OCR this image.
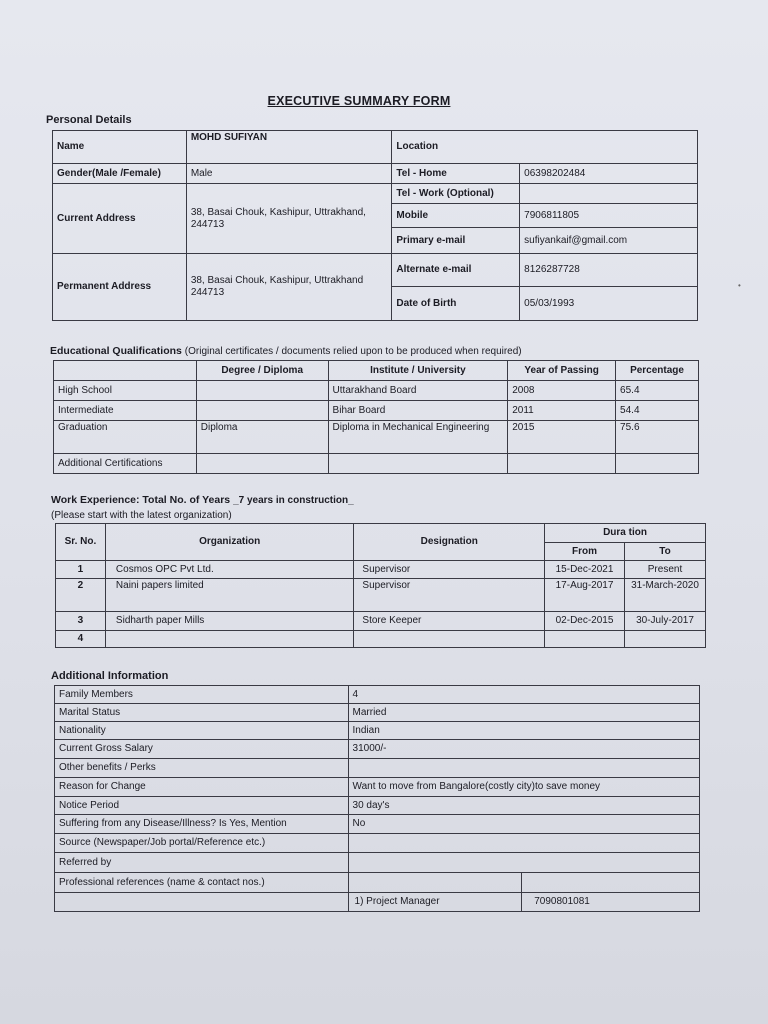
EXECUTIVE SUMMARY FORM
Personal Details
Name	MOHD SUFIYAN	Location	
Gender(Male /Female)	Male	Tel - Home	06398202484
Current Address	38, Basai Chouk, Kashipur, Uttrakhand, 244713	Tel - Work (Optional)	
		Mobile	7906811805
		Primary e-mail	sufiyankaif@gmail.com
Permanent Address	38, Basai Chouk, Kashipur, Uttrakhand 244713	Alternate e-mail	8126287728
		Date of Birth	05/03/1993
Educational Qualifications (Original certificates / documents relied upon to be produced when required)
	Degree / Diploma	Institute / University	Year of Passing	Percentage
High School		Uttarakhand Board	2008	65.4
Intermediate		Bihar Board	2011	54.4
Graduation	Diploma	Diploma in Mechanical Engineering	2015	75.6
Additional Certifications				
Work Experience: Total No. of Years _7 years in construction_
(Please start with the latest organization)
Sr. No.	Organization	Designation	Dura tion	
			From	To
1	Cosmos OPC Pvt Ltd.	Supervisor	15-Dec-2021	Present
2	Naini papers limited	Supervisor	17-Aug-2017	31-March-2020
3	Sidharth paper Mills	Store Keeper	02-Dec-2015	30-July-2017
4				
Additional Information
Family Members	4	
Marital Status	Married	
Nationality	Indian	
Current Gross Salary	31000/-	
Other benefits / Perks		
Reason for Change	Want to move from Bangalore(costly city)to save money	
Notice Period	30 day's	
Suffering from any Disease/Illness? Is Yes, Mention	No	
Source (Newspaper/Job portal/Reference etc.)		
Referred by		
Professional references (name & contact nos.)		
	1) Project Manager	7090801081
•
